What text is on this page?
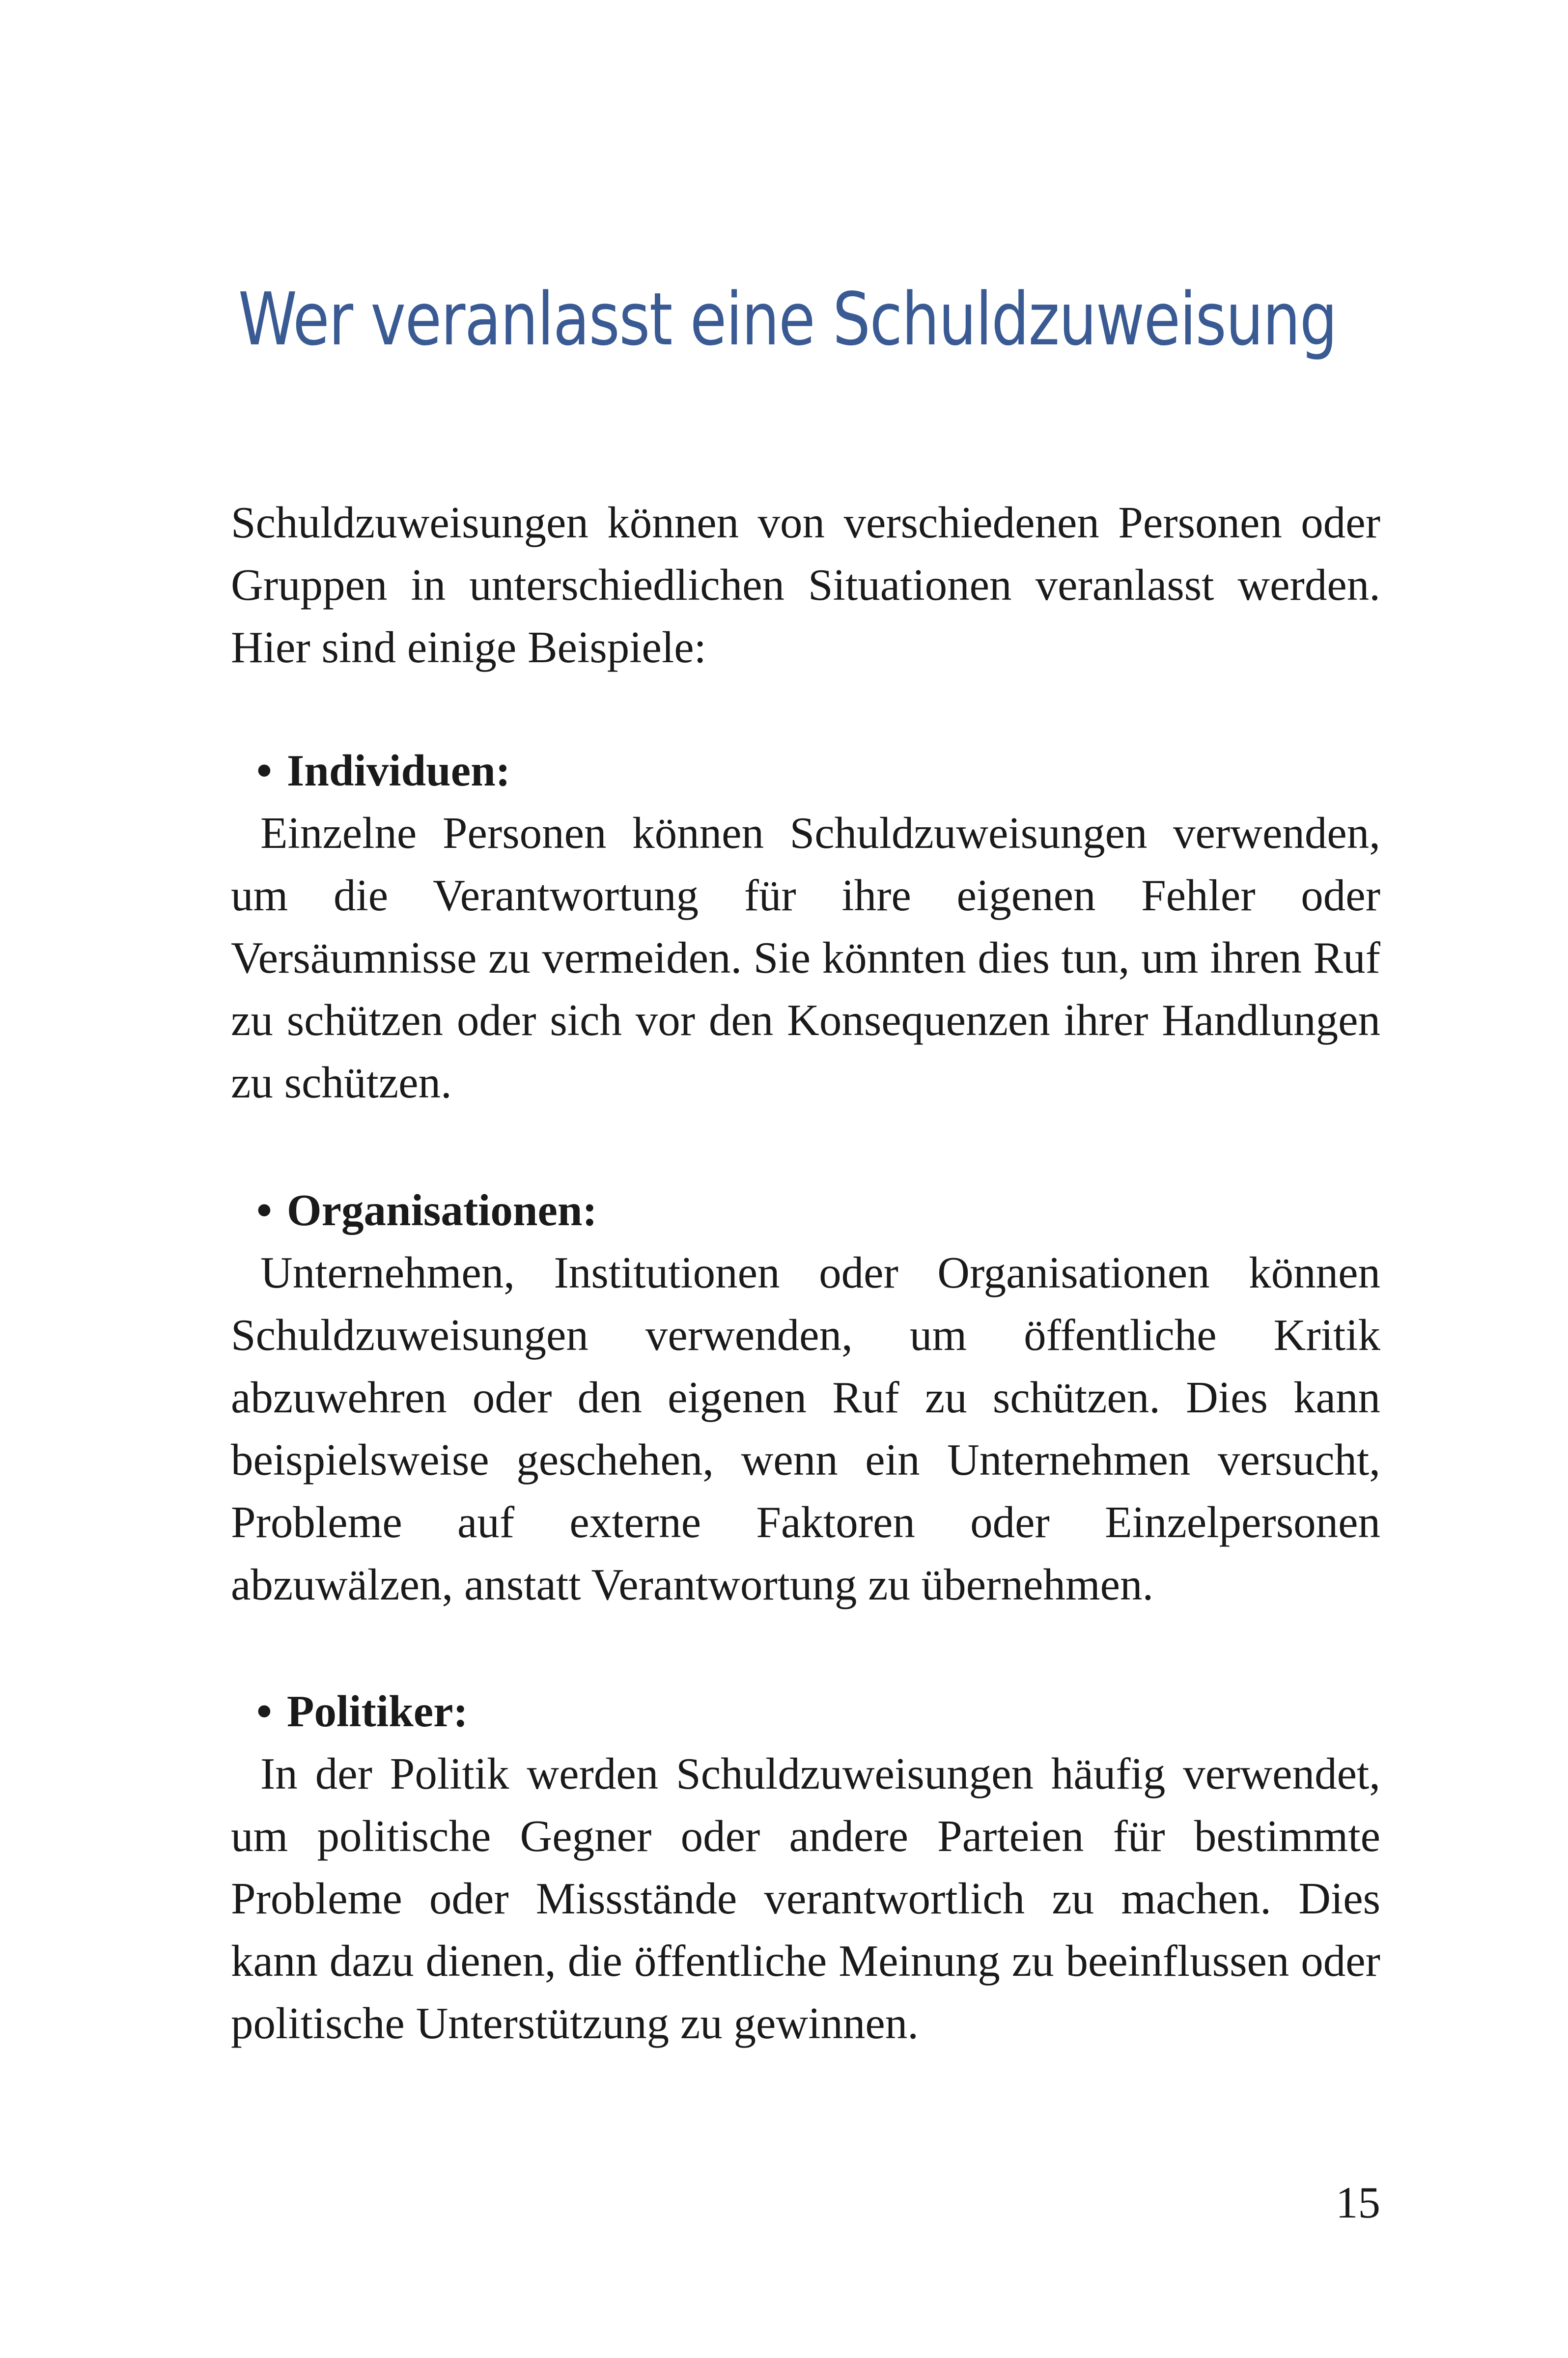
Wer veranlasst eine Schuldzuweisung

Schuldzuweisungen können von verschiedenen Personen oder Gruppen in unterschiedlichen Situationen veranlasst werden. Hier sind einige Beispiele:

• Individuen:

Einzelne Personen können Schuldzuweisungen verwenden, um die Verantwortung für ihre eigenen Fehler oder Versäumnisse zu vermeiden. Sie könnten dies tun, um ihren Ruf zu schützen oder sich vor den Konsequenzen ihrer Handlungen zu schützen.

• Organisationen:

Unternehmen, Institutionen oder Organisationen können Schuldzuweisungen verwenden, um öffentliche Kritik abzuwehren oder den eigenen Ruf zu schützen. Dies kann beispielsweise geschehen, wenn ein Unternehmen versucht, Probleme auf externe Faktoren oder Einzelpersonen abzuwälzen, anstatt Verantwortung zu übernehmen.

• Politiker:

In der Politik werden Schuldzuweisungen häufig verwendet, um politische Gegner oder andere Parteien für bestimmte Probleme oder Missstände verantwortlich zu machen. Dies kann dazu dienen, die öffentliche Meinung zu beeinflussen oder politische Unterstützung zu gewinnen.

15
